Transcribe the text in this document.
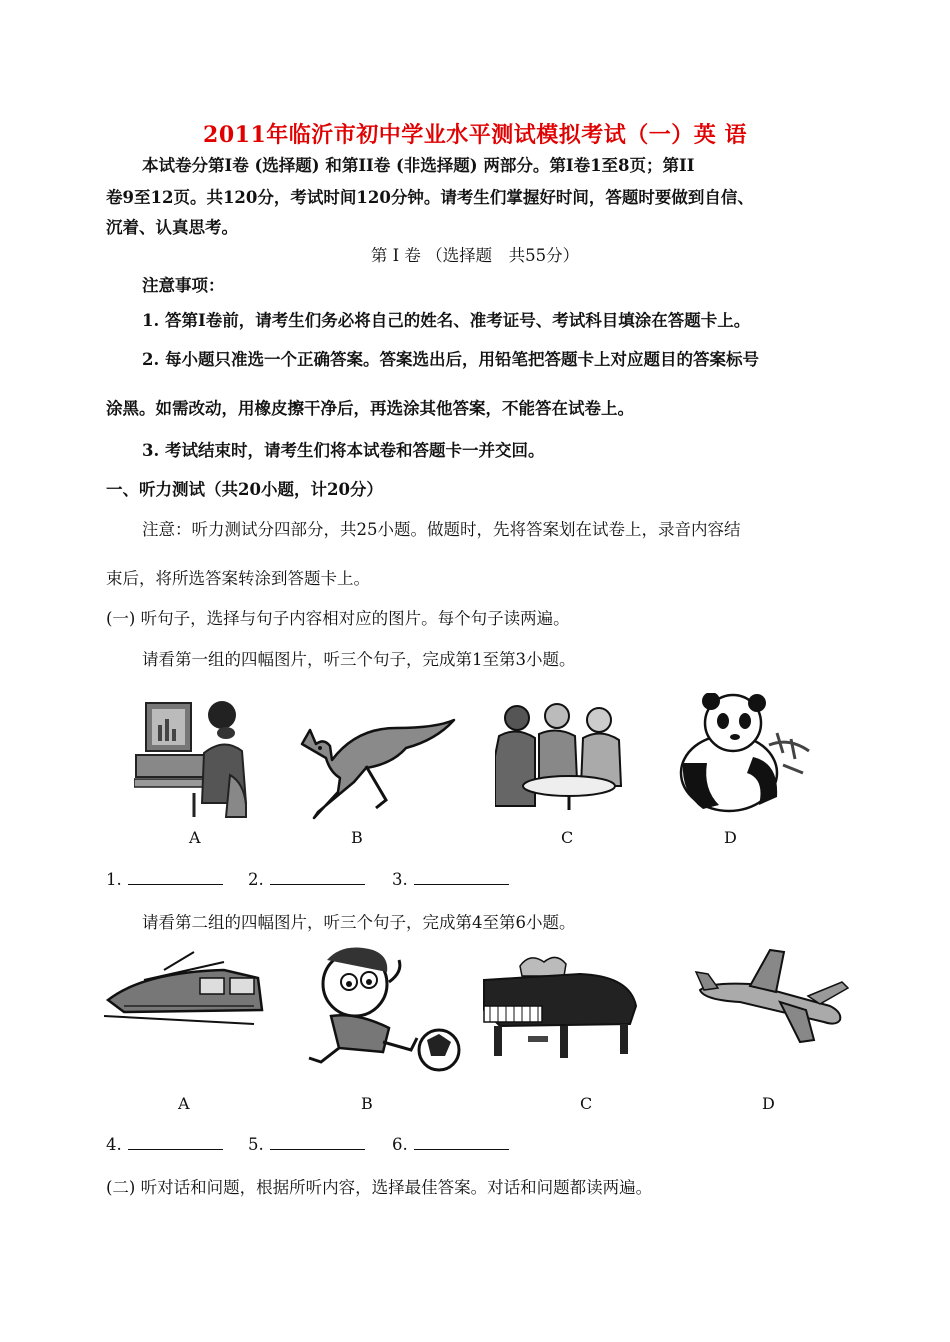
2011年临沂市初中学业水平测试模拟考试（一）英 语
本试卷分第Ⅰ卷 (选择题) 和第II卷 (非选择题) 两部分。第Ⅰ卷1至8页；第II
卷9至12页。共120分，考试时间120分钟。请考生们掌握好时间，答题时要做到自信、
沉着、认真思考。
第 Ⅰ 卷 （选择题　共55分）
注意事项：
1. 答第Ⅰ卷前，请考生们务必将自己的姓名、准考证号、考试科目填涂在答题卡上。
2. 每小题只准选一个正确答案。答案选出后，用铅笔把答题卡上对应题目的答案标号
涂黑。如需改动，用橡皮擦干净后，再选涂其他答案，不能答在试卷上。
3. 考试结束时，请考生们将本试卷和答题卡一并交回。
一、听力测试（共20小题，计20分）
注意：听力测试分四部分，共25小题。做题时，先将答案划在试卷上，录音内容结
束后，将所选答案转涂到答题卡上。
(一) 听句子，选择与句子内容相对应的图片。每个句子读两遍。
请看第一组的四幅图片，听三个句子，完成第1至第3小题。
A	B	C	D
1.	2.	3.
请看第二组的四幅图片，听三个句子，完成第4至第6小题。
A	B	C	D
4.	5.	6.
(二) 听对话和问题，根据所听内容，选择最佳答案。对话和问题都读两遍。
